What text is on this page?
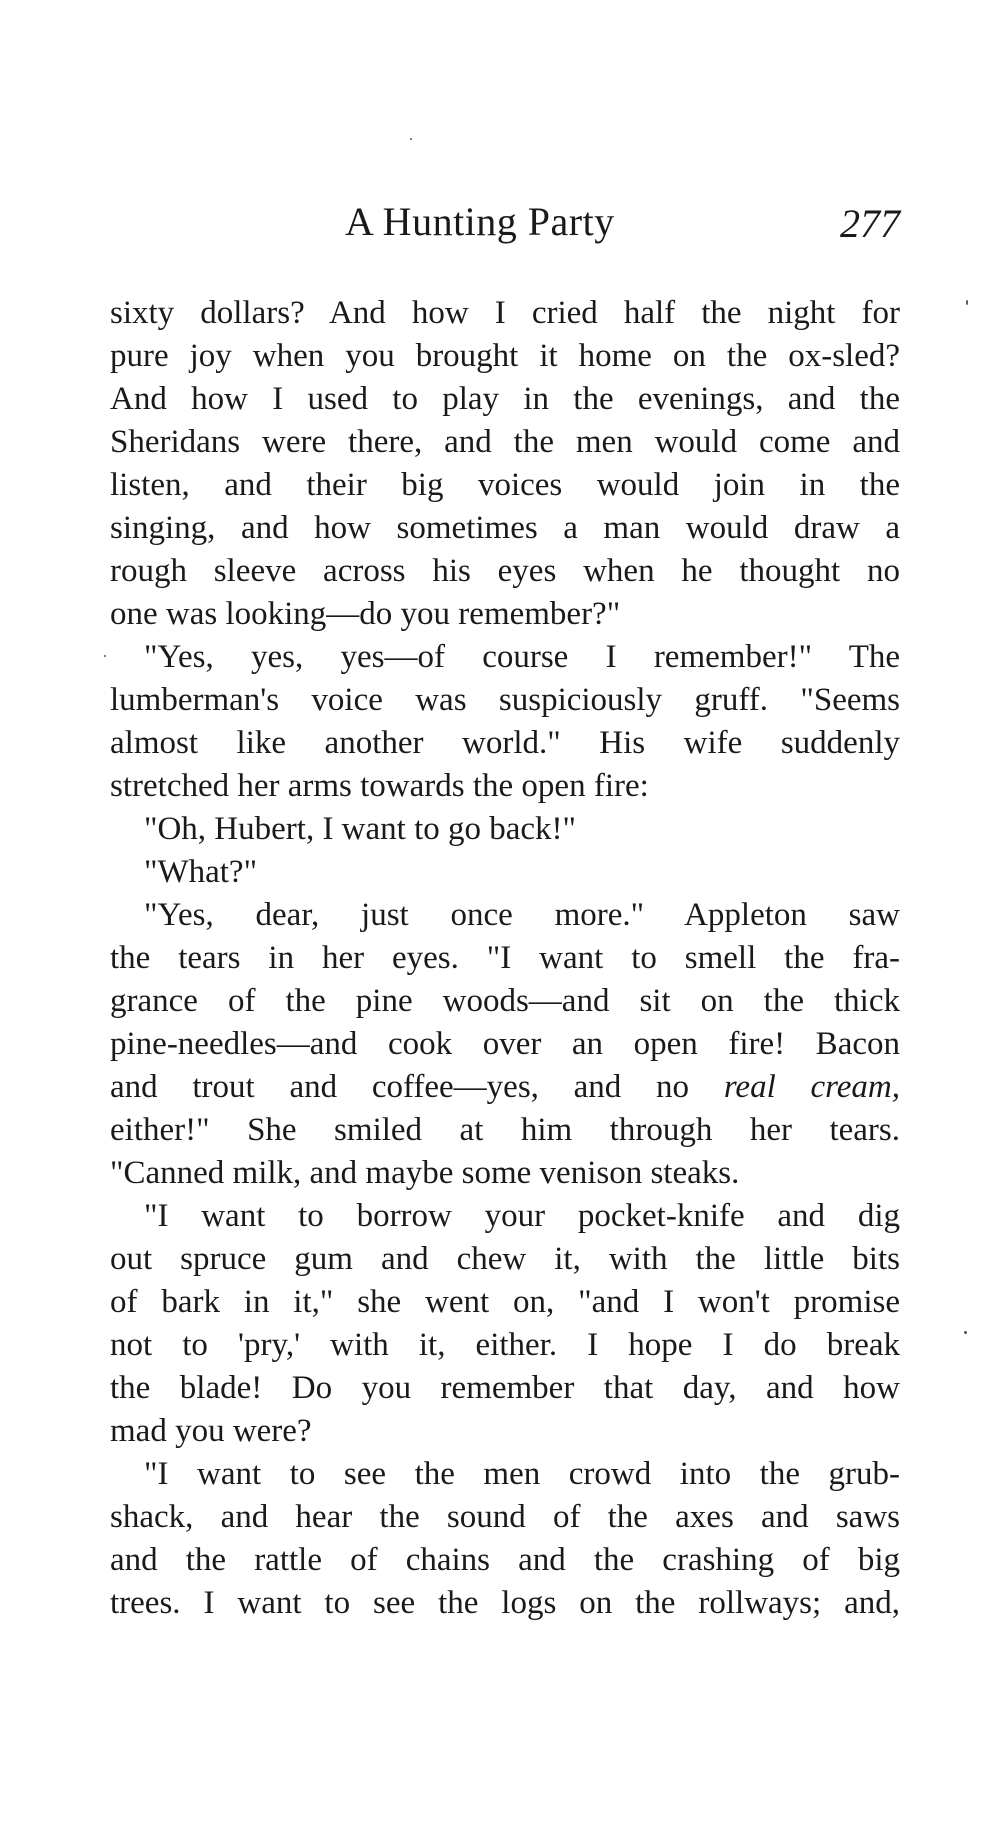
A Hunting Party	277
sixty dollars? And how I cried half the night for
pure joy when you brought it home on the ox-sled?
And how I used to play in the evenings, and the
Sheridans were there, and the men would come and
listen, and their big voices would join in the
singing, and how sometimes a man would draw a
rough sleeve across his eyes when he thought no
one was looking—do you remember?"
"Yes, yes, yes—of course I remember!" The
lumberman's voice was suspiciously gruff. "Seems
almost like another world." His wife suddenly
stretched her arms towards the open fire:
"Oh, Hubert, I want to go back!"
"What?"
"Yes, dear, just once more." Appleton saw
the tears in her eyes. "I want to smell the fra-
grance of the pine woods—and sit on the thick
pine-needles—and cook over an open fire! Bacon
and trout and coffee—yes, and no real cream,
either!" She smiled at him through her tears.
"Canned milk, and maybe some venison steaks.
"I want to borrow your pocket-knife and dig
out spruce gum and chew it, with the little bits
of bark in it," she went on, "and I won't promise
not to 'pry,' with it, either. I hope I do break
the blade! Do you remember that day, and how
mad you were?
"I want to see the men crowd into the grub-
shack, and hear the sound of the axes and saws
and the rattle of chains and the crashing of big
trees. I want to see the logs on the rollways; and,
